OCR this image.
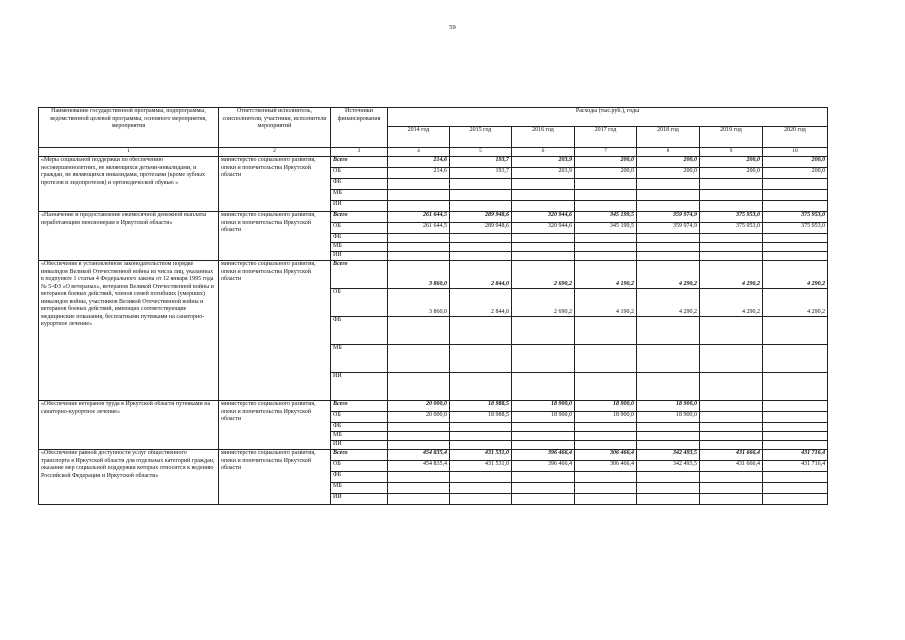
59
Наименование государственной программы, подпрограммы, ведомственной целевой программы, основного мероприятия, мероприятия	Ответственный исполнитель, соисполнители, участники, исполнители мероприятий	Источники финансирования	Расходы (тыс.руб.), годы						
			2014 год	2015 год	2016 год	2017 год	2018 год	2019 год	2020 год
1	2	3	4	5	6	7	8	9	10
«Меры социальной поддержки по обеспечению несовершеннолетних, не являющихся детьми-инвалидами, и граждан, не являющихся инвалидами, протезами (кроме зубных протезов и эндопротезов) и ортопедической обувью »	министерство социального развития, опеки и попечительства Иркутской области	Всего	214,6	193,7	203,9	200,0	200,0	200,0	200,0
		ОБ	214,6	193,7	203,9	200,0	200,0	200,0	200,0
		ФБ							
		МБ							
		ИИ							
«Назначение и предоставление ежемесячной денежной выплаты неработающим пенсионерам в Иркутской области»	министерство социального развития, опеки и попечительства Иркутской области	Всего	261 644,5	289 948,6	320 944,6	345 199,5	359 974,9	375 953,0	375 953,0
		ОБ	261 644,5	289 948,6	320 944,6	345 199,5	359 974,9	375 953,0	375 953,0
		ФБ							
		МБ							
		ИИ							
«Обеспечение в установленном законодательством порядке инвалидов Великой Отечественной войны из числа лиц, указанных в подпункте 1 статьи 4 Федерального закона от 12 января 1995 года № 5-ФЗ «О ветеранах», ветеранов Великой Отечественной войны и ветеранов боевых действий, членов семей погибших (умерших) инвалидов войны, участников Великой Отечественной войны и ветеранов боевых действий, имеющих соответствующие медицинские показания, бесплатными путевками на санаторно-курортное лечение»	министерство социального развития, опеки и попечительства Иркутской области	Всего	3 860,0	2 844,0	2 690,2	4 190,2	4 290,2	4 290,2	4 290,2
		ОБ	3 860,0	2 844,0	2 690,2	4 190,2	4 290,2	4 290,2	4 290,2
		ФБ							
		МБ							
		ИИ							
«Обеспечение ветеранов труда в Иркутской области путевками на санаторно-курортное лечение»	министерство социального развития, опеки и попечительства Иркутской области	Всего	20 000,0	18 988,5	18 900,0	18 900,0	18 900,0		
		ОБ	20 000,0	18 988,5	18 900,0	18 900,0	18 900,0		
		ФБ							
		МБ							
		ИИ							
«Обеспечение равной доступности услуг общественного транспорта в Иркутской области для отдельных категорий граждан, оказание мер социальной поддержки которых относится к ведению Российской Федерации и Иркутской области»	министерство социального развития, опеки и попечительства Иркутской области	Всего	454 835,4	431 531,0	396 466,4	306 466,4	342 493,5	431 666,4	431 716,4
		ОБ	454 835,4	431 531,0	396 466,4	306 466,4	342 493,5	431 666,4	431 716,4
		ФБ							
		МБ							
		ИИ							
